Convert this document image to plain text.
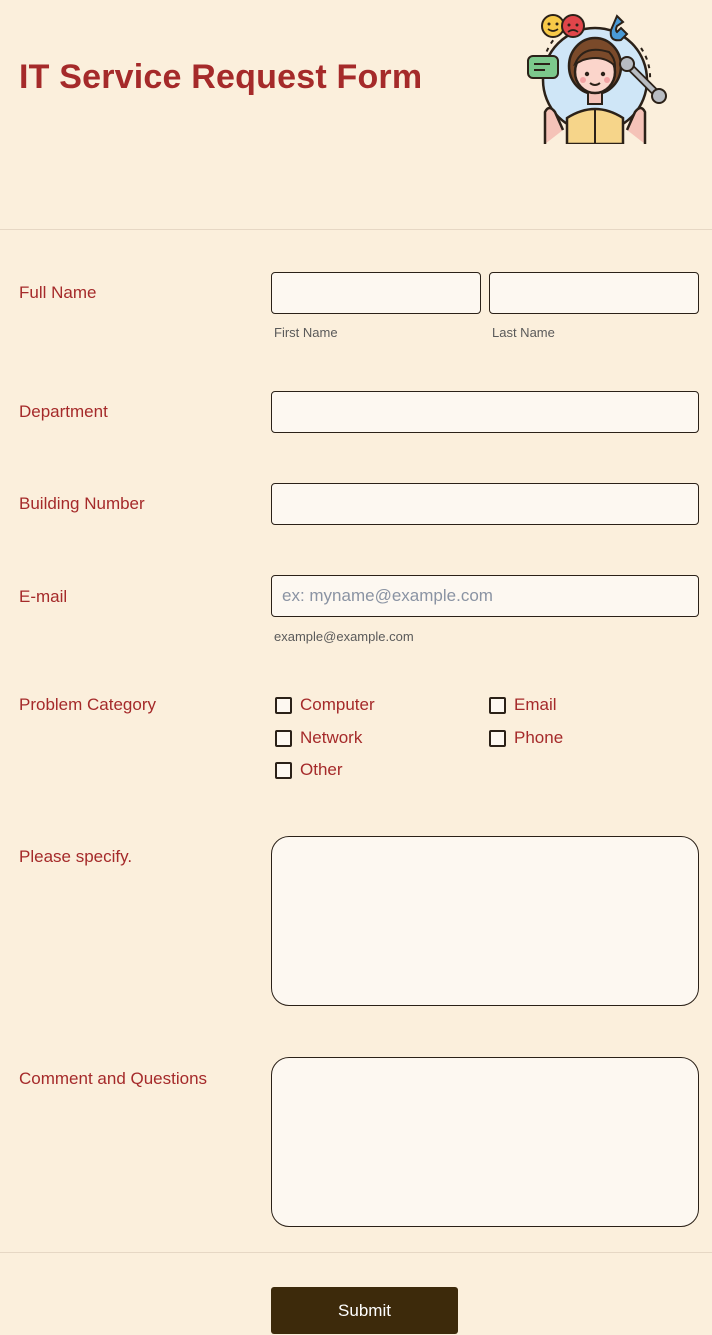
IT Service Request Form
Full Name
First Name	Last Name
Department
Building Number
E-mail
ex: myname@example.com
example@example.com
Problem Category	Computer	Email
Network	Phone
Other
Please specify.
Comment and Questions
Submit
